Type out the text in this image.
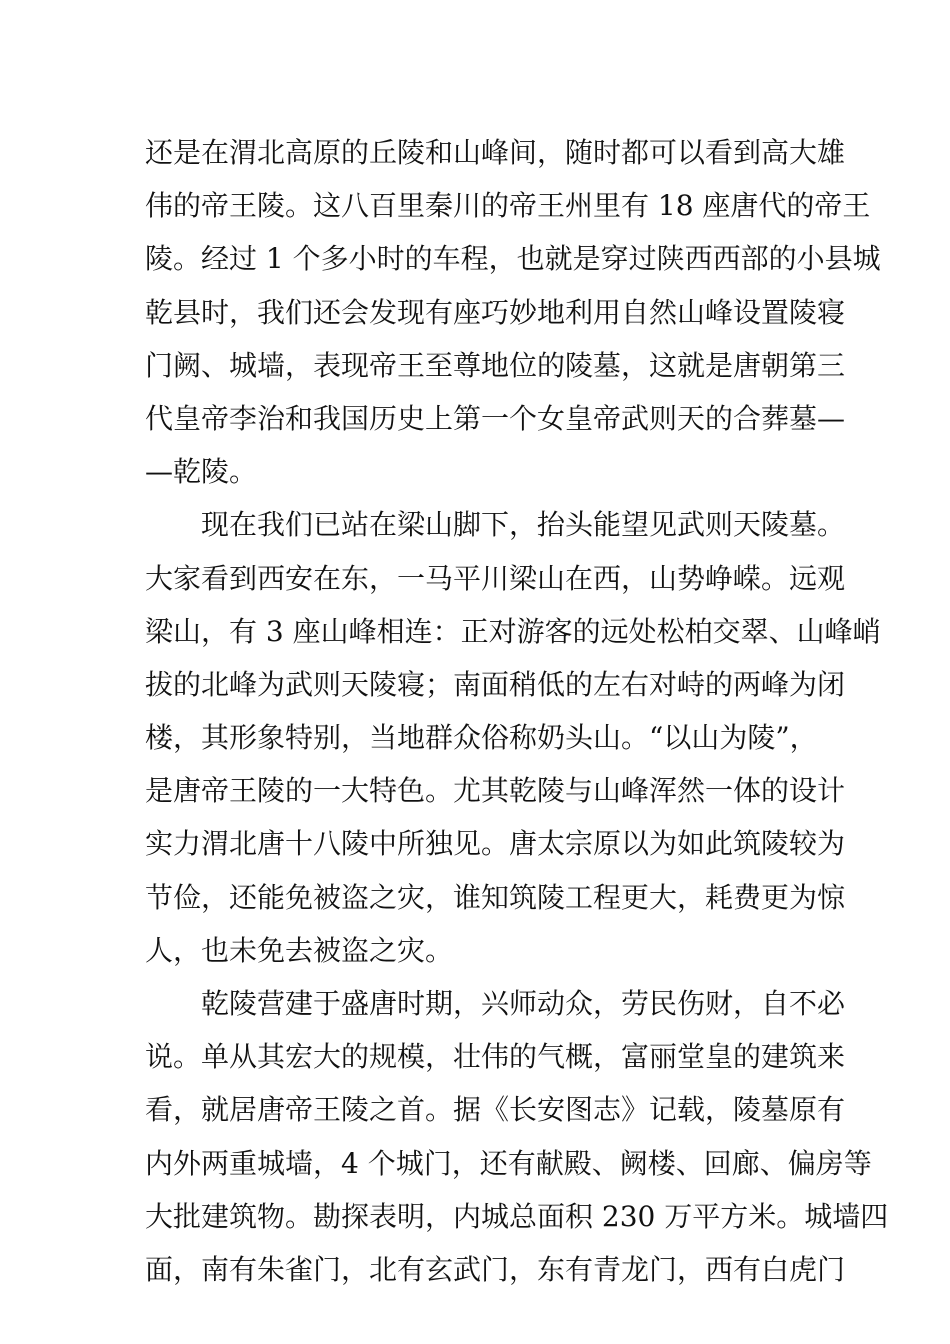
还是在渭北高原的丘陵和山峰间，随时都可以看到高大雄
伟的帝王陵。这八百里秦川的帝王州里有 18 座唐代的帝王
陵。经过 1 个多小时的车程，也就是穿过陕西西部的小县城
乾县时，我们还会发现有座巧妙地利用自然山峰设置陵寝
门阙、城墙，表现帝王至尊地位的陵墓，这就是唐朝第三
代皇帝李治和我国历史上第一个女皇帝武则天的合葬墓—
—乾陵。
现在我们已站在梁山脚下，抬头能望见武则天陵墓。
大家看到西安在东，一马平川梁山在西，山势峥嵘。远观
梁山，有 3 座山峰相连：正对游客的远处松柏交翠、山峰峭
拔的北峰为武则天陵寝；南面稍低的左右对峙的两峰为闭
楼，其形象特别，当地群众俗称奶头山。“以山为陵”，
是唐帝王陵的一大特色。尤其乾陵与山峰浑然一体的设计
实力渭北唐十八陵中所独见。唐太宗原以为如此筑陵较为
节俭，还能免被盗之灾，谁知筑陵工程更大，耗费更为惊
人，也未免去被盗之灾。
乾陵营建于盛唐时期，兴师动众，劳民伤财，自不必
说。单从其宏大的规模，壮伟的气概，富丽堂皇的建筑来
看，就居唐帝王陵之首。据《长安图志》记载，陵墓原有
内外两重城墙，4 个城门，还有献殿、阙楼、回廊、偏房等
大批建筑物。勘探表明，内城总面积 230 万平方米。城墙四
面，南有朱雀门，北有玄武门，东有青龙门，西有白虎门
